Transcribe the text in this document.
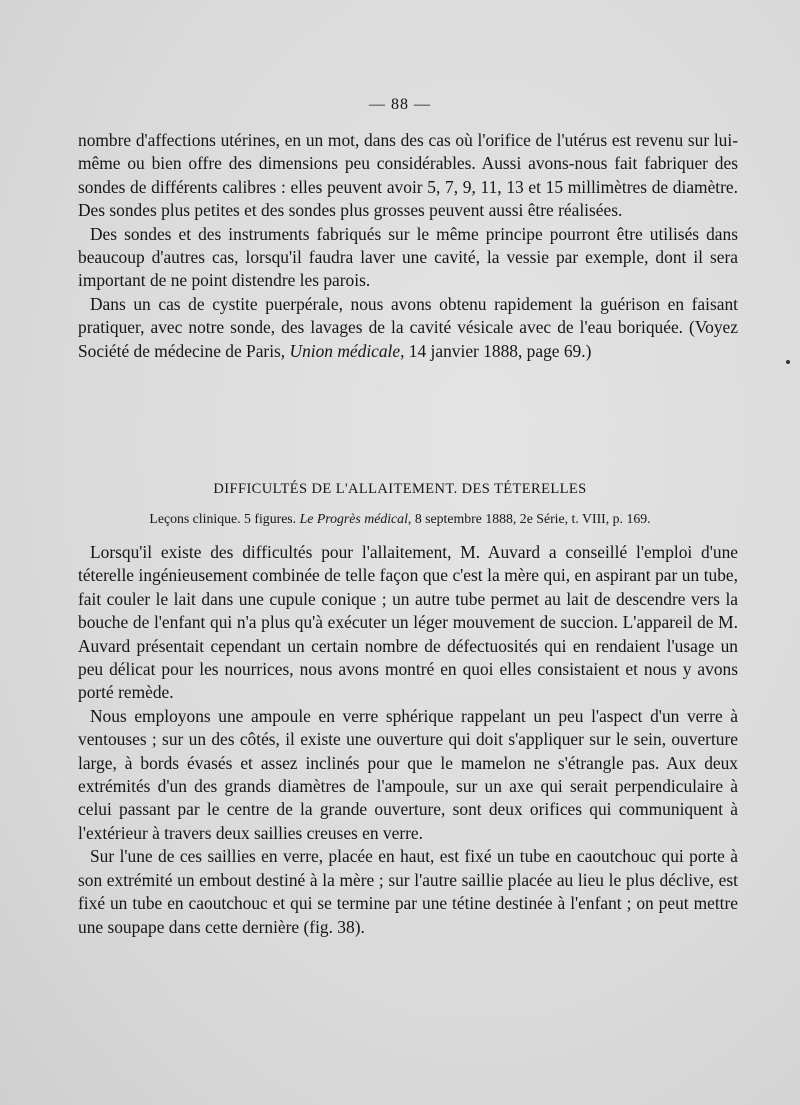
— 88 —

nombre d'affections utérines, en un mot, dans des cas où l'orifice de l'utérus est revenu sur lui-même ou bien offre des dimensions peu considérables. Aussi avons-nous fait fabriquer des sondes de différents calibres : elles peuvent avoir 5, 7, 9, 11, 13 et 15 millimètres de diamètre. Des sondes plus petites et des sondes plus grosses peuvent aussi être réalisées.

Des sondes et des instruments fabriqués sur le même principe pourront être utilisés dans beaucoup d'autres cas, lorsqu'il faudra laver une cavité, la vessie par exemple, dont il sera important de ne point distendre les parois.

Dans un cas de cystite puerpérale, nous avons obtenu rapidement la guérison en faisant pratiquer, avec notre sonde, des lavages de la cavité vésicale avec de l'eau boriquée. (Voyez Société de médecine de Paris, Union médicale, 14 janvier 1888, page 69.)

DIFFICULTÉS DE L'ALLAITEMENT. DES TÉTERELLES
Leçons clinique. 5 figures. Le Progrès médical, 8 septembre 1888, 2e Série, t. VIII, p. 169.

Lorsqu'il existe des difficultés pour l'allaitement, M. Auvard a conseillé l'emploi d'une téterelle ingénieusement combinée de telle façon que c'est la mère qui, en aspirant par un tube, fait couler le lait dans une cupule conique ; un autre tube permet au lait de descendre vers la bouche de l'enfant qui n'a plus qu'à exécuter un léger mouvement de succion. L'appareil de M. Auvard présentait cependant un certain nombre de défectuosités qui en rendaient l'usage un peu délicat pour les nourrices, nous avons montré en quoi elles consistaient et nous y avons porté remède.

Nous employons une ampoule en verre sphérique rappelant un peu l'aspect d'un verre à ventouses ; sur un des côtés, il existe une ouverture qui doit s'appliquer sur le sein, ouverture large, à bords évasés et assez inclinés pour que le mamelon ne s'étrangle pas. Aux deux extrémités d'un des grands diamètres de l'ampoule, sur un axe qui serait perpendiculaire à celui passant par le centre de la grande ouverture, sont deux orifices qui communiquent à l'extérieur à travers deux saillies creuses en verre.

Sur l'une de ces saillies en verre, placée en haut, est fixé un tube en caoutchouc qui porte à son extrémité un embout destiné à la mère ; sur l'autre saillie placée au lieu le plus déclive, est fixé un tube en caoutchouc et qui se termine par une tétine destinée à l'enfant ; on peut mettre une soupape dans cette dernière (fig. 38).
